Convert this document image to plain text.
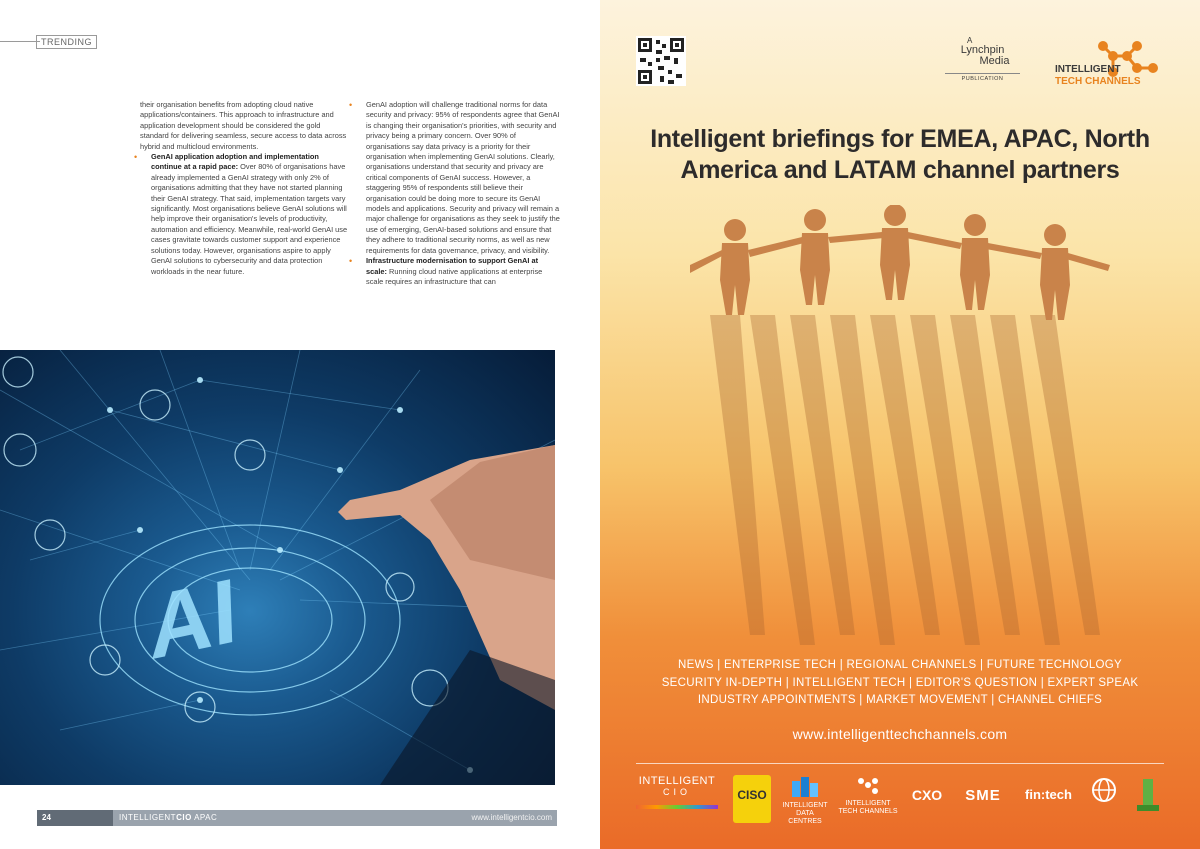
TRENDING

their organisation benefits from adopting cloud native applications/containers. This approach to infrastructure and application development should be considered the gold standard for delivering seamless, secure access to data across hybrid and multicloud environments.

• GenAI application adoption and implementation continue at a rapid pace: Over 80% of organisations have already implemented a GenAI strategy with only 2% of organisations admitting that they have not started planning their GenAI strategy. That said, implementation targets vary significantly. Most organisations believe GenAI solutions will help improve their organisation's levels of productivity, automation and efficiency. Meanwhile, real-world GenAI use cases gravitate towards customer support and experience solutions today. However, organisations aspire to apply GenAI solutions to cybersecurity and data protection workloads in the near future.

• GenAI adoption will challenge traditional norms for data security and privacy: 95% of respondents agree that GenAI is changing their organisation's priorities, with security and privacy being a primary concern. Over 90% of organisations say data privacy is a priority for their organisation when implementing GenAI solutions. Clearly, organisations understand that security and privacy are critical components of GenAI success. However, a staggering 95% of respondents still believe their organisation could be doing more to secure its GenAI models and applications. Security and privacy will remain a major challenge for organisations as they seek to justify the use of emerging, GenAI-based solutions and ensure that they adhere to traditional security norms, as well as new requirements for data governance, privacy, and visibility.

• Infrastructure modernisation to support GenAI at scale: Running cloud native applications at enterprise scale requires an infrastructure that can

AI
24	INTELLIGENTCIO APAC	www.intelligentcio.com
A
Lynchpin
Media
PUBLICATION
INTELLIGENT
TECH CHANNELS
Intelligent briefings for EMEA, APAC, North
America and LATAM channel partners
NEWS | ENTERPRISE TECH | REGIONAL CHANNELS | FUTURE TECHNOLOGY
SECURITY IN-DEPTH | INTELLIGENT TECH | EDITOR'S QUESTION | EXPERT SPEAK
INDUSTRY APPOINTMENTS | MARKET MOVEMENT | CHANNEL CHIEFS
www.intelligenttechchannels.com
INTELLIGENT
CIO	CISO
INTELLIGENT
DATA CENTRES
INTELLIGENT
TECH CHANNELS
CXO	SME	fin:tech
